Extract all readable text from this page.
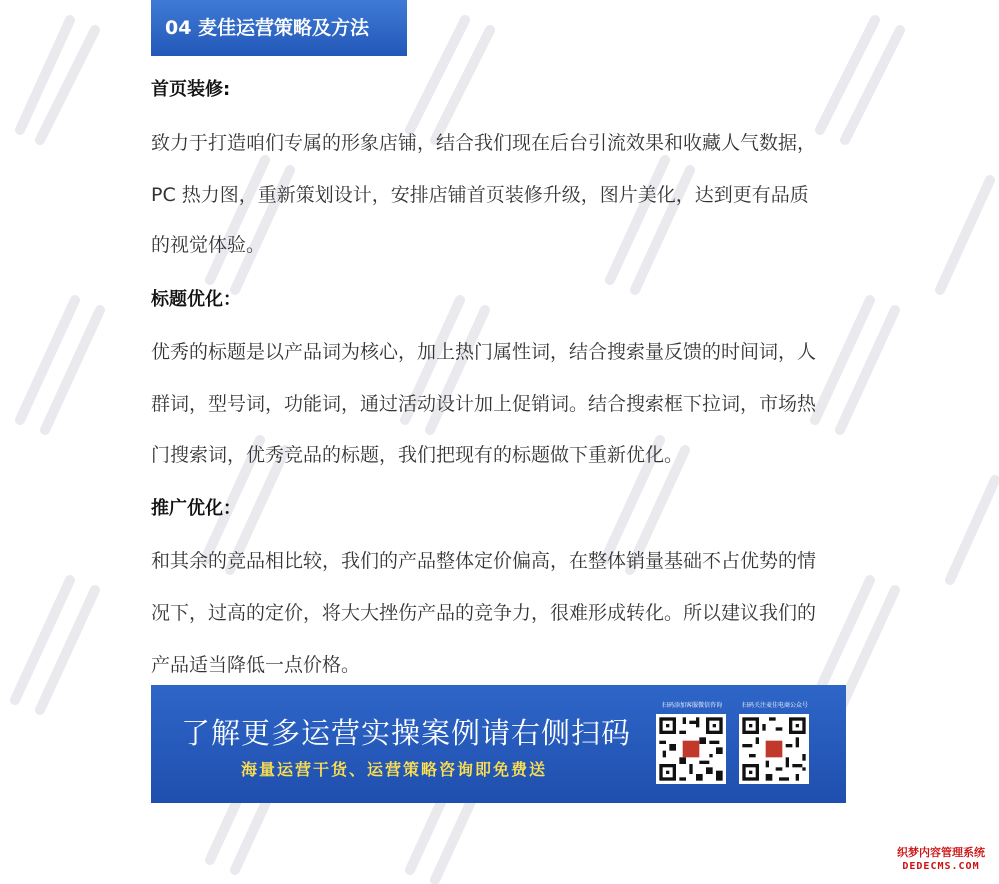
04 麦佳运营策略及方法
首页装修:
致力于打造咱们专属的形象店铺，结合我们现在后台引流效果和收藏人气数据，
PC 热力图，重新策划设计，安排店铺首页装修升级，图片美化，达到更有品质
的视觉体验。
标题优化：
优秀的标题是以产品词为核心，加上热门属性词，结合搜索量反馈的时间词，人
群词，型号词，功能词，通过活动设计加上促销词。结合搜索框下拉词，市场热
门搜索词，优秀竞品的标题，我们把现有的标题做下重新优化。
推广优化：
和其余的竞品相比较，我们的产品整体定价偏高，在整体销量基础不占优势的情
况下，过高的定价，将大大挫伤产品的竞争力，很难形成转化。所以建议我们的
产品适当降低一点价格。
了解更多运营实操案例请右侧扫码
海量运营干货、运营策略咨询即免费送
扫码添加客服微信咨询	扫码关注麦佳电商公众号
织梦内容管理系统
DEDECMS.COM
